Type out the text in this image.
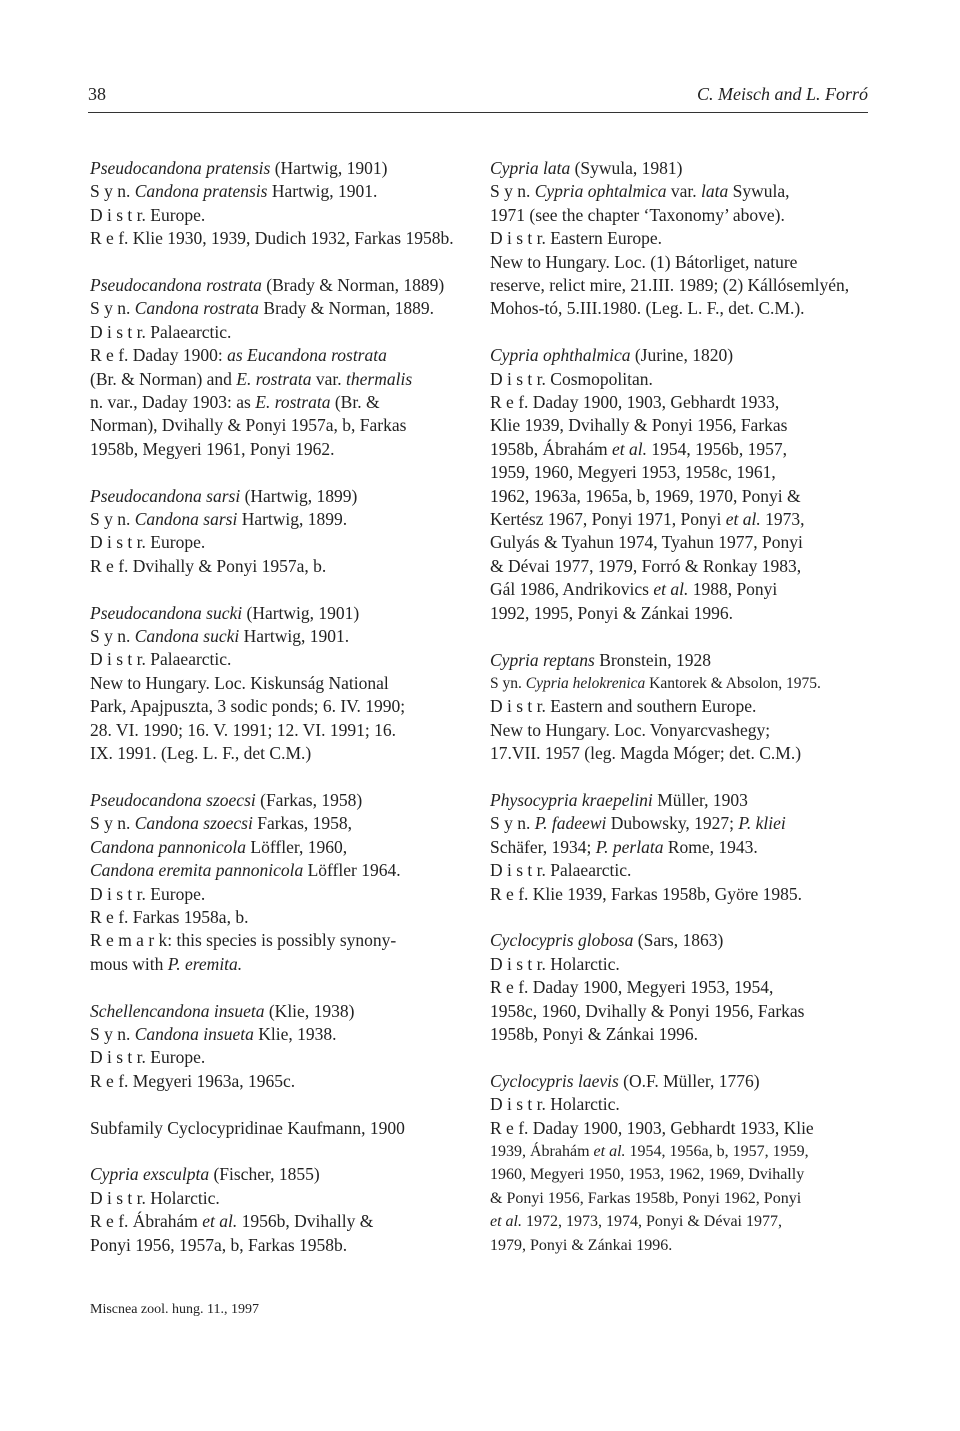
38	C. Meisch and L. Forró
Pseudocandona pratensis (Hartwig, 1901)
S y n. Candona pratensis Hartwig, 1901.
D i s t r. Europe.
R e f. Klie 1930, 1939, Dudich 1932, Farkas 1958b.
Pseudocandona rostrata (Brady & Norman, 1889)
S y n. Candona rostrata Brady & Norman, 1889.
D i s t r. Palaearctic.
R e f. Daday 1900: as Eucandona rostrata
(Br. & Norman) and E. rostrata var. thermalis
n. var., Daday 1903: as E. rostrata (Br. &
Norman), Dvihally & Ponyi 1957a, b, Farkas
1958b, Megyeri 1961, Ponyi 1962.
Pseudocandona sarsi (Hartwig, 1899)
S y n. Candona sarsi Hartwig, 1899.
D i s t r. Europe.
R e f. Dvihally & Ponyi 1957a, b.
Pseudocandona sucki (Hartwig, 1901)
S y n. Candona sucki Hartwig, 1901.
D i s t r. Palaearctic.
New to Hungary. Loc. Kiskunság National
Park, Apajpuszta, 3 sodic ponds; 6. IV. 1990;
28. VI. 1990; 16. V. 1991; 12. VI. 1991; 16.
IX. 1991. (Leg. L. F., det C.M.)
Pseudocandona szoecsi (Farkas, 1958)
S y n. Candona szoecsi Farkas, 1958,
Candona pannonicola Löffler, 1960,
Candona eremita pannonicola Löffler 1964.
D i s t r. Europe.
R e f. Farkas 1958a, b.
R e m a r k: this species is possibly synony-
mous with P. eremita.
Schellencandona insueta (Klie, 1938)
S y n. Candona insueta Klie, 1938.
D i s t r. Europe.
R e f. Megyeri 1963a, 1965c.
Subfamily Cyclocypridinae Kaufmann, 1900
Cypria exsculpta (Fischer, 1855)
D i s t r. Holarctic.
R e f. Ábrahám et al. 1956b, Dvihally &
Ponyi 1956, 1957a, b, Farkas 1958b.
Cypria lata (Sywula, 1981)
S y n. Cypria ophtalmica var. lata Sywula,
1971 (see the chapter ‘Taxonomy’ above).
D i s t r. Eastern Europe.
New to Hungary. Loc. (1) Bátorliget, nature
reserve, relict mire, 21.III. 1989; (2) Kállósemlyén,
Mohos-tó, 5.III.1980. (Leg. L. F., det. C.M.).
Cypria ophthalmica (Jurine, 1820)
D i s t r. Cosmopolitan.
R e f. Daday 1900, 1903, Gebhardt 1933,
Klie 1939, Dvihally & Ponyi 1956, Farkas
1958b, Ábrahám et al. 1954, 1956b, 1957,
1959, 1960, Megyeri 1953, 1958c, 1961,
1962, 1963a, 1965a, b, 1969, 1970, Ponyi &
Kertész 1967, Ponyi 1971, Ponyi et al. 1973,
Gulyás & Tyahun 1974, Tyahun 1977, Ponyi
& Dévai 1977, 1979, Forró & Ronkay 1983,
Gál 1986, Andrikovics et al. 1988, Ponyi
1992, 1995, Ponyi & Zánkai 1996.
Cypria reptans Bronstein, 1928
S yn. Cypria helokrenica Kantorek & Absolon, 1975.
D i s t r. Eastern and southern Europe.
New to Hungary. Loc. Vonyarcvashegy;
17.VII. 1957 (leg. Magda Móger; det. C.M.)
Physocypria kraepelini Müller, 1903
S y n. P. fadeewi Dubowsky, 1927; P. kliei
Schäfer, 1934; P. perlata Rome, 1943.
D i s t r. Palaearctic.
R e f. Klie 1939, Farkas 1958b, Györe 1985.
Cyclocypris globosa (Sars, 1863)
D i s t r. Holarctic.
R e f. Daday 1900, Megyeri 1953, 1954,
1958c, 1960, Dvihally & Ponyi 1956, Farkas
1958b, Ponyi & Zánkai 1996.
Cyclocypris laevis (O.F. Müller, 1776)
D i s t r. Holarctic.
R e f. Daday 1900, 1903, Gebhardt 1933, Klie
1939, Ábrahám et al. 1954, 1956a, b, 1957, 1959,
1960, Megyeri 1950, 1953, 1962, 1969, Dvihally
& Ponyi 1956, Farkas 1958b, Ponyi 1962, Ponyi
et al. 1972, 1973, 1974, Ponyi & Dévai 1977,
1979, Ponyi & Zánkai 1996.
Miscnea zool. hung. 11., 1997
